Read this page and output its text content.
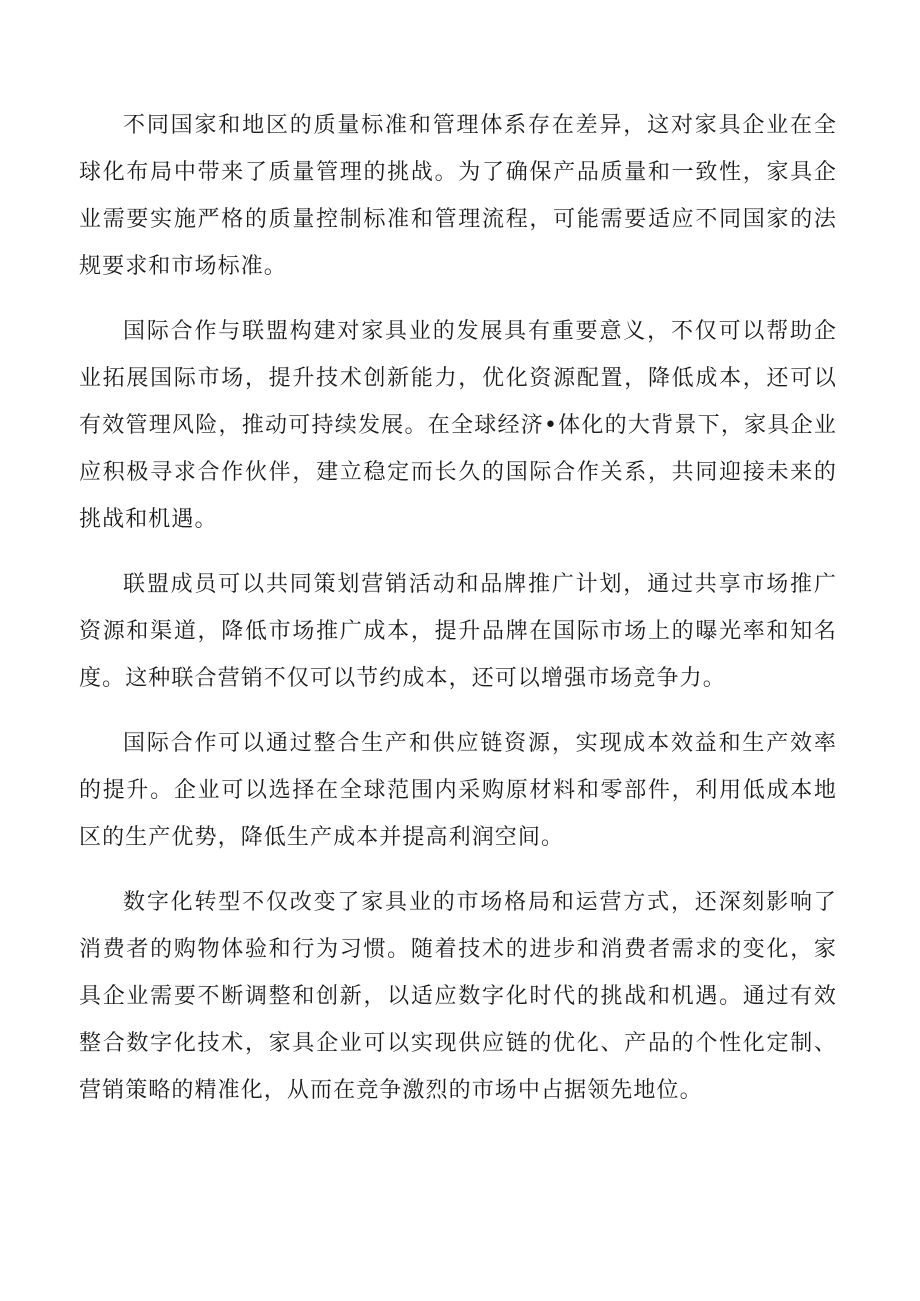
不同国家和地区的质量标准和管理体系存在差异，这对家具企业在全球化布局中带来了质量管理的挑战。为了确保产品质量和一致性，家具企业需要实施严格的质量控制标准和管理流程，可能需要适应不同国家的法规要求和市场标准。

国际合作与联盟构建对家具业的发展具有重要意义，不仅可以帮助企业拓展国际市场，提升技术创新能力，优化资源配置，降低成本，还可以有效管理风险，推动可持续发展。在全球经济•体化的大背景下，家具企业应积极寻求合作伙伴，建立稳定而长久的国际合作关系，共同迎接未来的挑战和机遇。

联盟成员可以共同策划营销活动和品牌推广计划，通过共享市场推广资源和渠道，降低市场推广成本，提升品牌在国际市场上的曝光率和知名度。这种联合营销不仅可以节约成本，还可以增强市场竞争力。

国际合作可以通过整合生产和供应链资源，实现成本效益和生产效率的提升。企业可以选择在全球范围内采购原材料和零部件，利用低成本地区的生产优势，降低生产成本并提高利润空间。

数字化转型不仅改变了家具业的市场格局和运营方式，还深刻影响了消费者的购物体验和行为习惯。随着技术的进步和消费者需求的变化，家具企业需要不断调整和创新，以适应数字化时代的挑战和机遇。通过有效整合数字化技术，家具企业可以实现供应链的优化、产品的个性化定制、营销策略的精准化，从而在竞争激烈的市场中占据领先地位。
